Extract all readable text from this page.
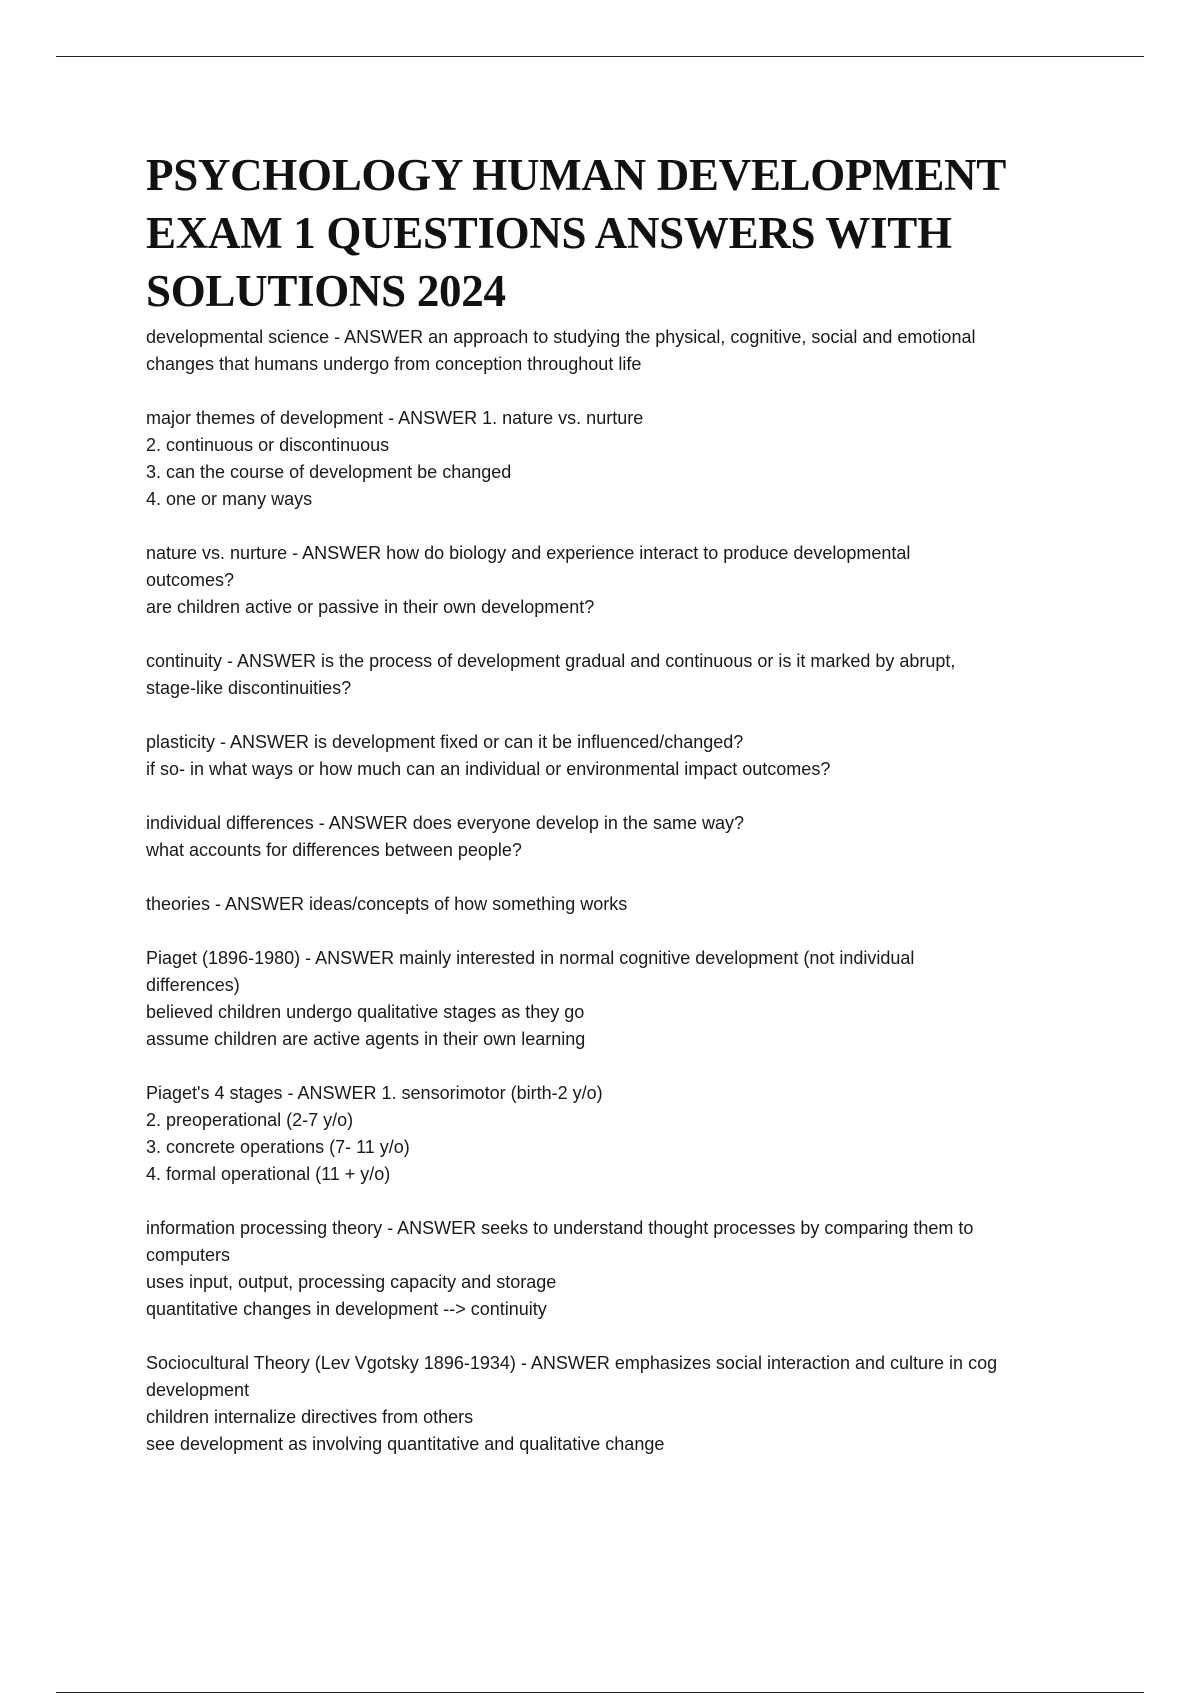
PSYCHOLOGY HUMAN DEVELOPMENT
EXAM 1 QUESTIONS ANSWERS WITH
SOLUTIONS 2024

developmental science - ANSWER an approach to studying the physical, cognitive, social and emotional
changes that humans undergo from conception throughout life

major themes of development - ANSWER 1. nature vs. nurture
2. continuous or discontinuous
3. can the course of development be changed
4. one or many ways

nature vs. nurture - ANSWER how do biology and experience interact to produce developmental
outcomes?
are children active or passive in their own development?

continuity - ANSWER is the process of development gradual and continuous or is it marked by abrupt,
stage-like discontinuities?

plasticity - ANSWER is development fixed or can it be influenced/changed?
if so- in what ways or how much can an individual or environmental impact outcomes?

individual differences - ANSWER does everyone develop in the same way?
what accounts for differences between people?

theories - ANSWER ideas/concepts of how something works

Piaget (1896-1980) - ANSWER mainly interested in normal cognitive development (not individual
differences)
believed children undergo qualitative stages as they go
assume children are active agents in their own learning

Piaget's 4 stages - ANSWER 1. sensorimotor (birth-2 y/o)
2. preoperational (2-7 y/o)
3. concrete operations (7- 11 y/o)
4. formal operational (11 + y/o)

information processing theory - ANSWER seeks to understand thought processes by comparing them to
computers
uses input, output, processing capacity and storage
quantitative changes in development --> continuity

Sociocultural Theory (Lev Vgotsky 1896-1934) - ANSWER emphasizes social interaction and culture in cog
development
children internalize directives from others
see development as involving quantitative and qualitative change
